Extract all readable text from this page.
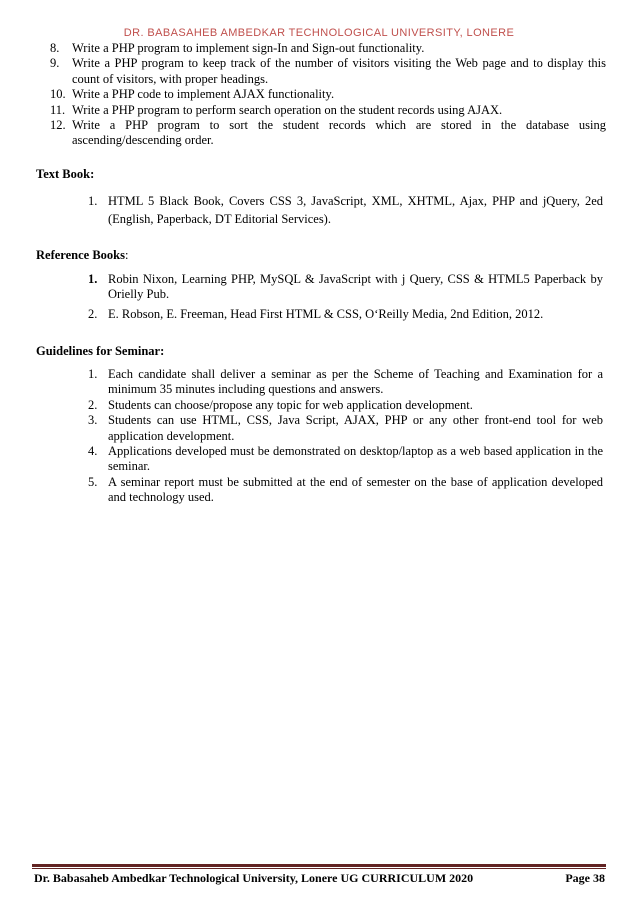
DR. BABASAHEB AMBEDKAR TECHNOLOGICAL UNIVERSITY, LONERE
8. Write a PHP program to implement sign-In and Sign-out functionality.
9. Write a PHP program to keep track of the number of visitors visiting the Web page and to display this count of visitors, with proper headings.
10. Write a PHP code to implement AJAX functionality.
11. Write a PHP program to perform search operation on the student records using AJAX.
12. Write a PHP program to sort the student records which are stored in the database using ascending/descending order.
Text Book:
1. HTML 5 Black Book, Covers CSS 3, JavaScript, XML, XHTML, Ajax, PHP and jQuery, 2ed (English, Paperback, DT Editorial Services).
Reference Books:
1. Robin Nixon, Learning PHP, MySQL & JavaScript with j Query, CSS & HTML5 Paperback by Orielly Pub.
2. E. Robson, E. Freeman, Head First HTML & CSS, O‘Reilly Media, 2nd Edition, 2012.
Guidelines for Seminar:
1. Each candidate shall deliver a seminar as per the Scheme of Teaching and Examination for a minimum 35 minutes including questions and answers.
2. Students can choose/propose any topic for web application development.
3. Students can use HTML, CSS, Java Script, AJAX, PHP or any other front-end tool for web application development.
4. Applications developed must be demonstrated on desktop/laptop as a web based application in the seminar.
5. A seminar report must be submitted at the end of semester on the base of application developed and technology used.
Dr. Babasaheb Ambedkar Technological University, Lonere UG CURRICULUM 2020	Page 38
